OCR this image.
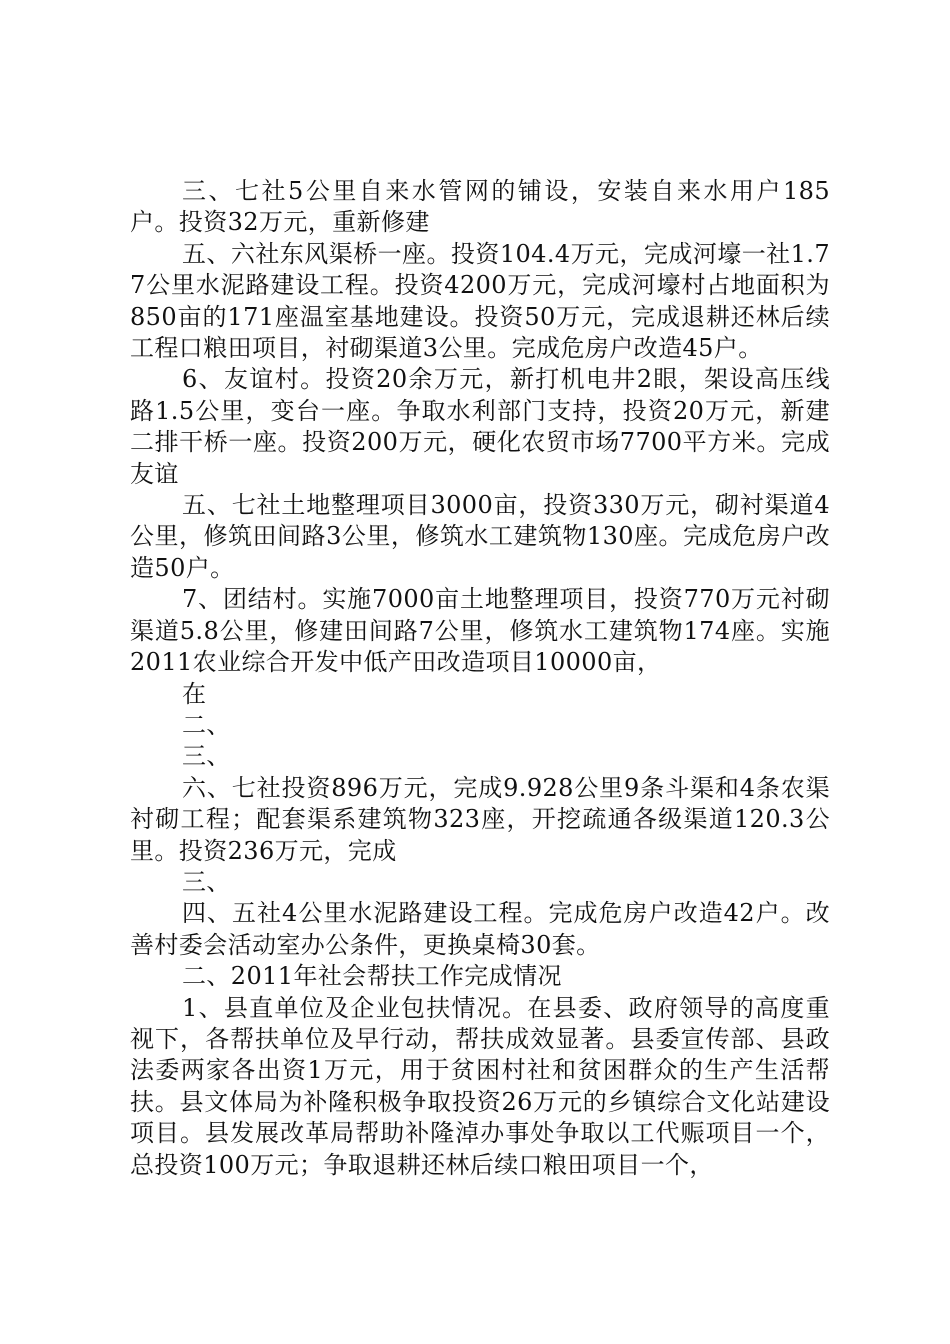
三、七社5公里自来水管网的铺设，安装自来水用户185户。投资32万元，重新修建

五、六社东风渠桥一座。投资104.4万元，完成河壕一社1.77公里水泥路建设工程。投资4200万元，完成河壕村占地面积为850亩的171座温室基地建设。投资50万元，完成退耕还林后续工程口粮田项目，衬砌渠道3公里。完成危房户改造45户。

6、友谊村。投资20余万元，新打机电井2眼，架设高压线路1.5公里，变台一座。争取水利部门支持，投资20万元，新建二排干桥一座。投资200万元，硬化农贸市场7700平方米。完成友谊

五、七社土地整理项目3000亩，投资330万元，砌衬渠道4公里，修筑田间路3公里，修筑水工建筑物130座。完成危房户改造50户。

7、团结村。实施7000亩土地整理项目，投资770万元衬砌渠道5.8公里，修建田间路7公里，修筑水工建筑物174座。实施2011农业综合开发中低产田改造项目10000亩，

在

二、

三、

六、七社投资896万元，完成9.928公里9条斗渠和4条农渠衬砌工程；配套渠系建筑物323座，开挖疏通各级渠道120.3公里。投资236万元，完成

三、

四、五社4公里水泥路建设工程。完成危房户改造42户。改善村委会活动室办公条件，更换桌椅30套。

二、2011年社会帮扶工作完成情况

1、县直单位及企业包扶情况。在县委、政府领导的高度重视下，各帮扶单位及早行动，帮扶成效显著。县委宣传部、县政法委两家各出资1万元，用于贫困村社和贫困群众的生产生活帮扶。县文体局为补隆积极争取投资26万元的乡镇综合文化站建设项目。县发展改革局帮助补隆淖办事处争取以工代赈项目一个，总投资100万元；争取退耕还林后续口粮田项目一个，
